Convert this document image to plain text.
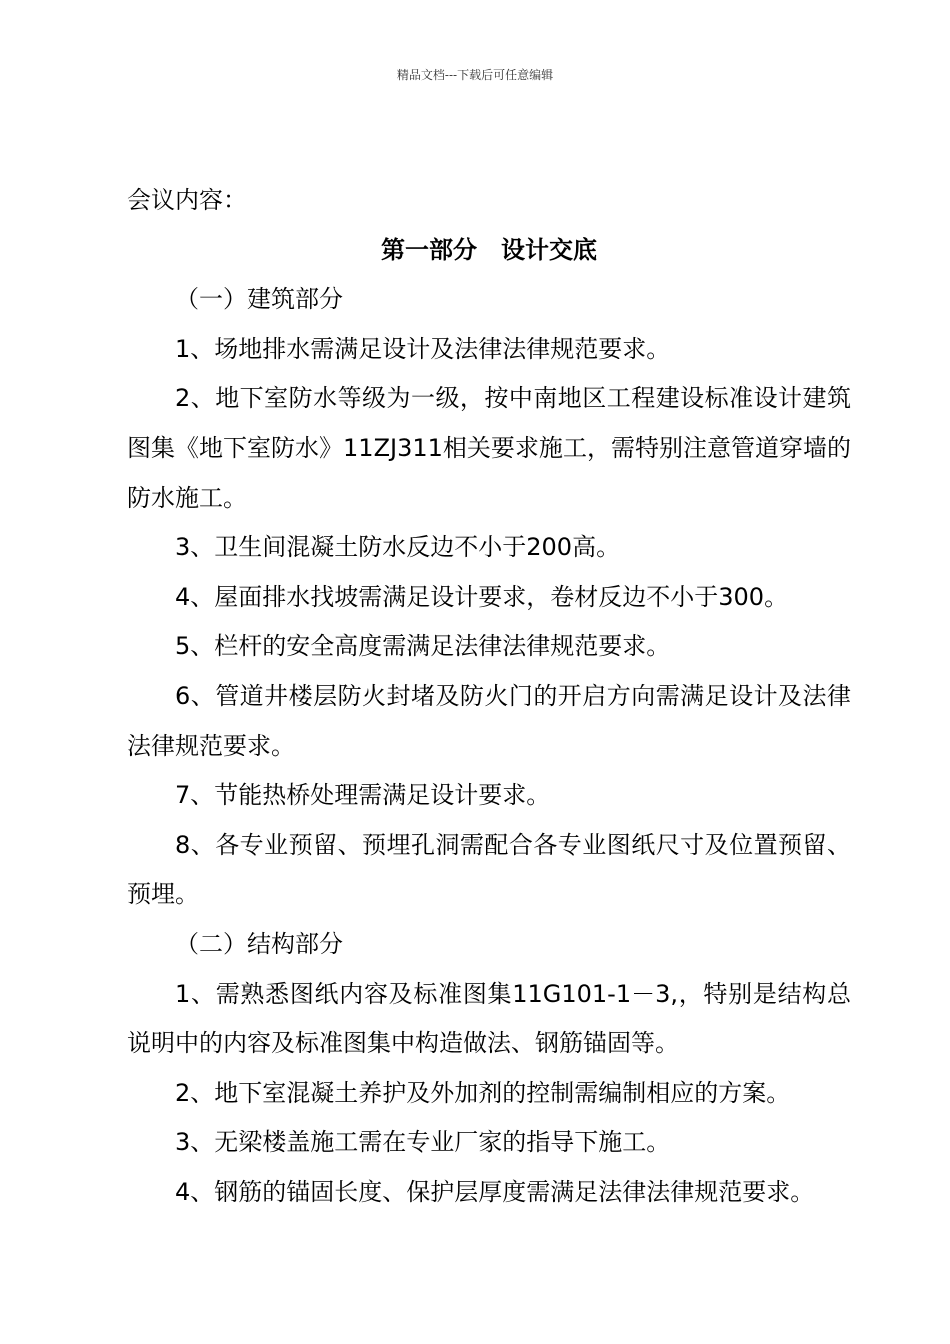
精品文档---下载后可任意编辑
会议内容：
第一部分　设计交底
（一）建筑部分
1、场地排水需满足设计及法律法律规范要求。
2、地下室防水等级为一级，按中南地区工程建设标准设计建筑图集《地下室防水》11ZJ311相关要求施工，需特别注意管道穿墙的防水施工。
3、卫生间混凝土防水反边不小于200高。
4、屋面排水找坡需满足设计要求，卷材反边不小于300。
5、栏杆的安全高度需满足法律法律规范要求。
6、管道井楼层防火封堵及防火门的开启方向需满足设计及法律法律规范要求。
7、节能热桥处理需满足设计要求。
8、各专业预留、预埋孔洞需配合各专业图纸尺寸及位置预留、预埋。
（二）结构部分
1、需熟悉图纸内容及标准图集11G101-1－3,，特别是结构总说明中的内容及标准图集中构造做法、钢筋锚固等。
2、地下室混凝土养护及外加剂的控制需编制相应的方案。
3、无梁楼盖施工需在专业厂家的指导下施工。
4、钢筋的锚固长度、保护层厚度需满足法律法律规范要求。
